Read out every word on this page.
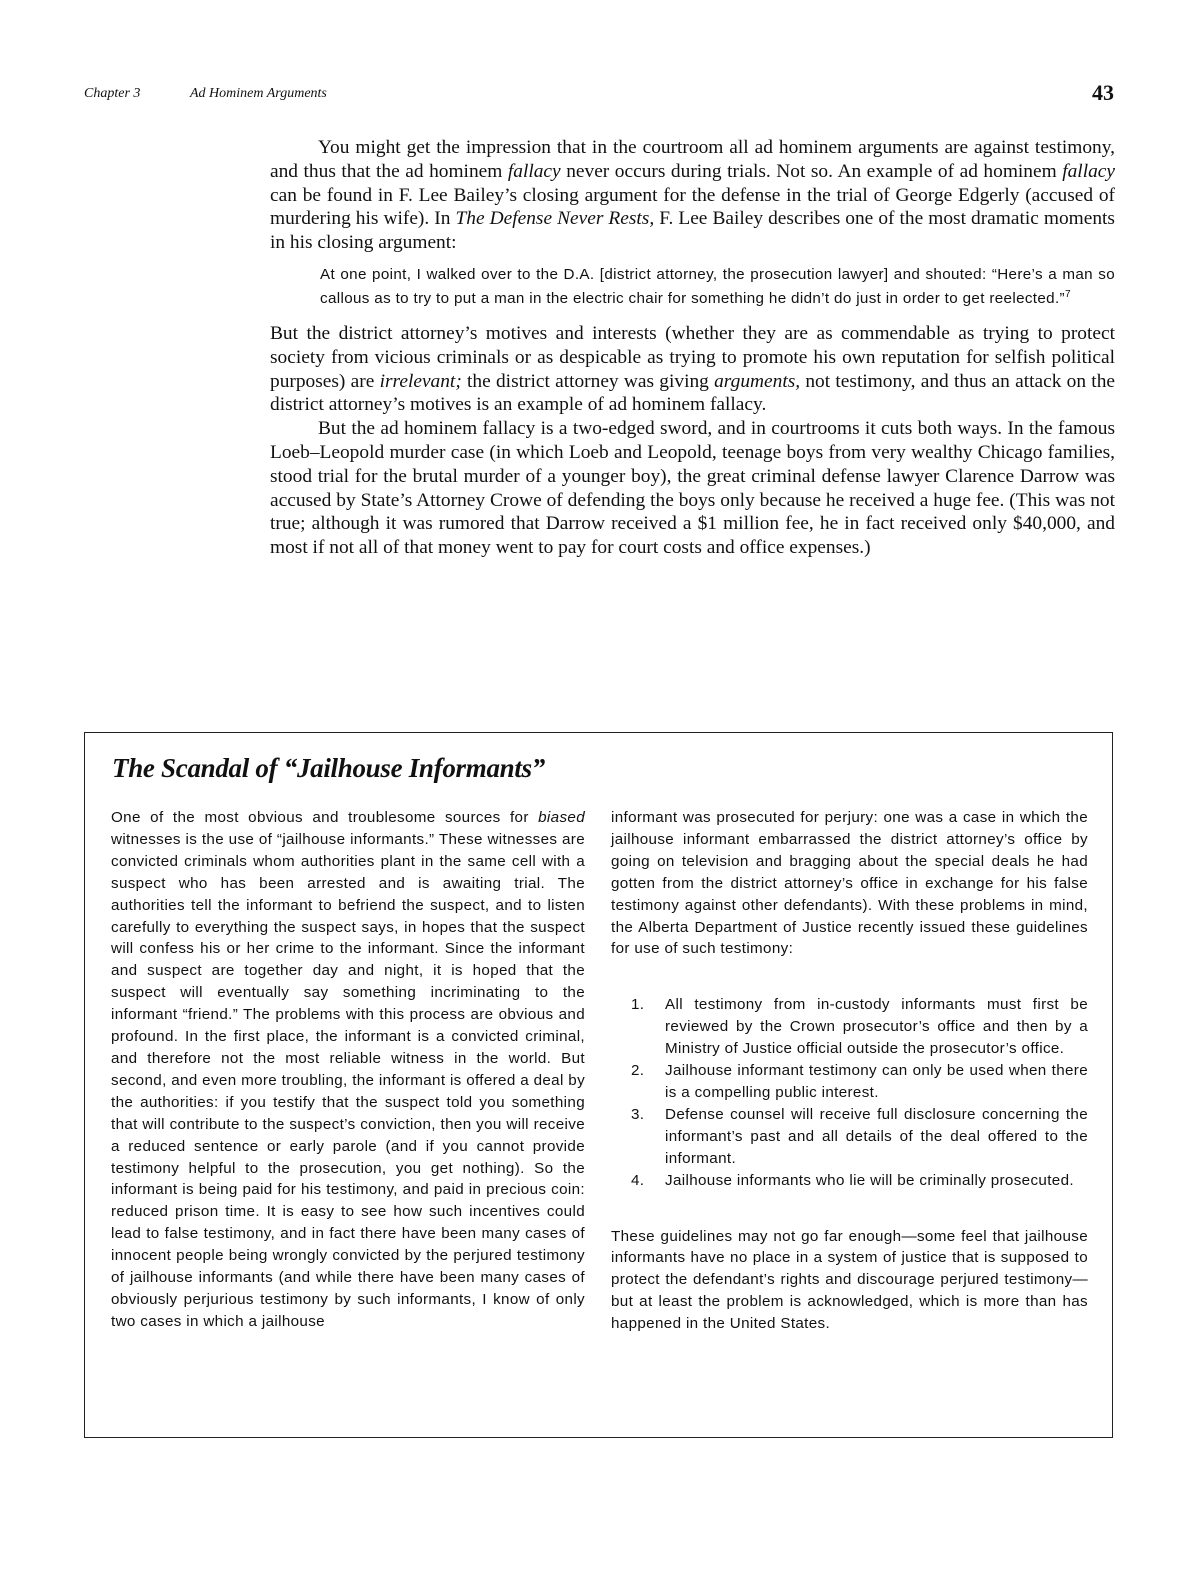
Chapter 3	Ad Hominem Arguments	43

You might get the impression that in the courtroom all ad hominem arguments are against testimony, and thus that the ad hominem fallacy never occurs during trials. Not so. An example of ad hominem fallacy can be found in F. Lee Bailey’s closing argument for the defense in the trial of George Edgerly (accused of murdering his wife). In The Defense Never Rests, F. Lee Bailey describes one of the most dramatic moments in his closing argument:

At one point, I walked over to the D.A. [district attorney, the prosecution lawyer] and shouted: “Here’s a man so callous as to try to put a man in the electric chair for something he didn’t do just in order to get reelected.”$^7$

But the district attorney’s motives and interests (whether they are as commendable as trying to protect society from vicious criminals or as despicable as trying to promote his own reputation for selfish political purposes) are irrelevant; the district attorney was giving arguments, not testimony, and thus an attack on the district attorney’s motives is an example of ad hominem fallacy.

But the ad hominem fallacy is a two-edged sword, and in courtrooms it cuts both ways. In the famous Loeb–Leopold murder case (in which Loeb and Leopold, teenage boys from very wealthy Chicago families, stood trial for the brutal murder of a younger boy), the great criminal defense lawyer Clarence Darrow was accused by State’s Attorney Crowe of defending the boys only because he received a huge fee. (This was not true; although it was rumored that Darrow received a $1 million fee, he in fact received only $40,000, and most if not all of that money went to pay for court costs and office expenses.)

The Scandal of “Jailhouse Informants”

One of the most obvious and troublesome sources for biased witnesses is the use of “jailhouse informants.” These witnesses are convicted criminals whom authorities plant in the same cell with a suspect who has been arrested and is awaiting trial. The authorities tell the informant to befriend the suspect, and to listen carefully to everything the suspect says, in hopes that the suspect will confess his or her crime to the informant. Since the informant and suspect are together day and night, it is hoped that the suspect will eventually say something incriminating to the informant “friend.” The problems with this process are obvious and profound. In the first place, the informant is a convicted criminal, and therefore not the most reliable witness in the world. But second, and even more troubling, the informant is offered a deal by the authorities: if you testify that the suspect told you something that will contribute to the suspect’s conviction, then you will receive a reduced sentence or early parole (and if you cannot provide testimony helpful to the prosecution, you get nothing). So the informant is being paid for his testimony, and paid in precious coin: reduced prison time. It is easy to see how such incentives could lead to false testimony, and in fact there have been many cases of innocent people being wrongly convicted by the perjured testimony of jailhouse informants (and while there have been many cases of obviously perjurious testimony by such informants, I know of only two cases in which a jailhouse

informant was prosecuted for perjury: one was a case in which the jailhouse informant embarrassed the district attorney’s office by going on television and bragging about the special deals he had gotten from the district attorney’s office in exchange for his false testimony against other defendants). With these problems in mind, the Alberta Department of Justice recently issued these guidelines for use of such testimony:

1.	All testimony from in-custody informants must first be reviewed by the Crown prosecutor’s office and then by a Ministry of Justice official outside the prosecutor’s office.
2.	Jailhouse informant testimony can only be used when there is a compelling public interest.
3.	Defense counsel will receive full disclosure concerning the informant’s past and all details of the deal offered to the informant.
4.	Jailhouse informants who lie will be criminally prosecuted.

These guidelines may not go far enough—some feel that jailhouse informants have no place in a system of justice that is supposed to protect the defendant’s rights and discourage perjured testimony—but at least the problem is acknowledged, which is more than has happened in the United States.
